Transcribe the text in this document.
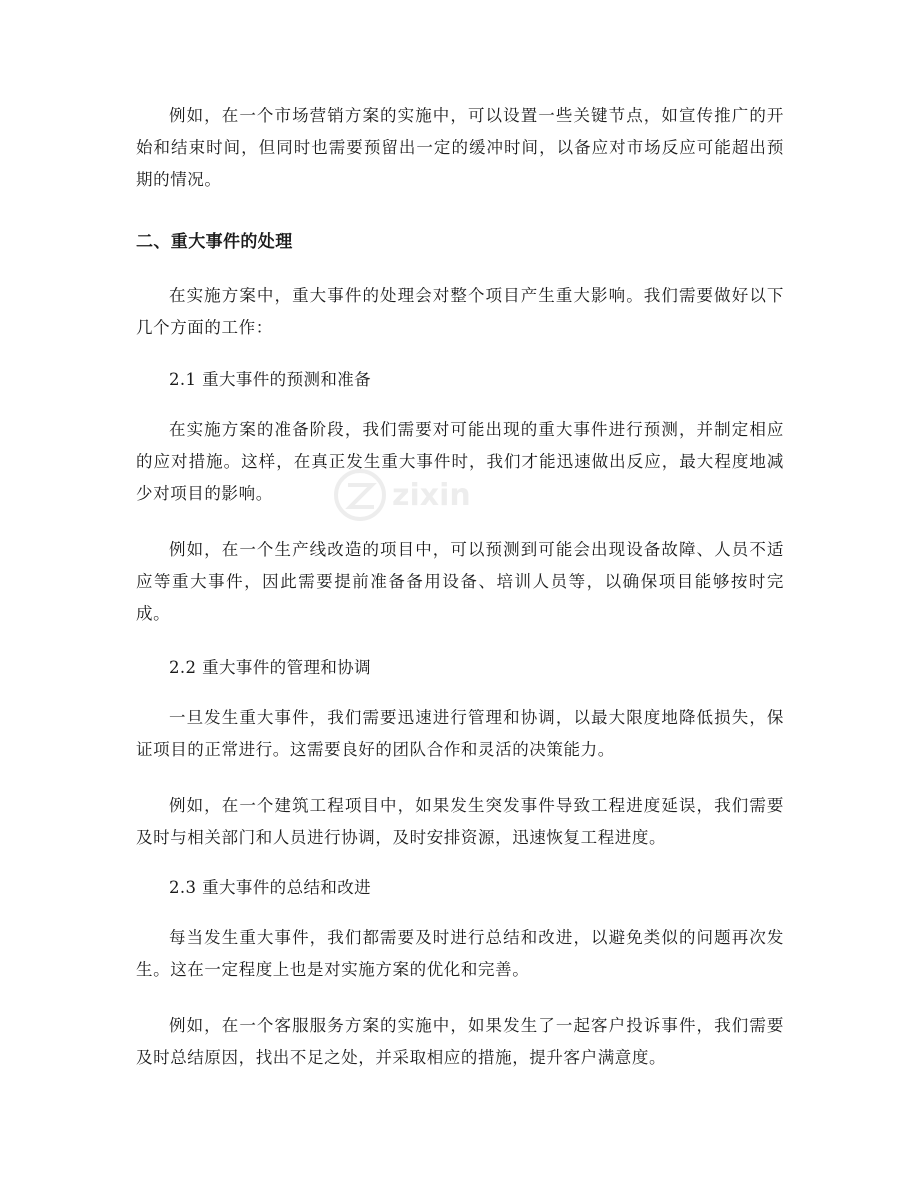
zixin

例如，在一个市场营销方案的实施中，可以设置一些关键节点，如宣传推广的开始和结束时间，但同时也需要预留出一定的缓冲时间，以备应对市场反应可能超出预期的情况。

二、重大事件的处理

在实施方案中，重大事件的处理会对整个项目产生重大影响。我们需要做好以下几个方面的工作：

2.1 重大事件的预测和准备

在实施方案的准备阶段，我们需要对可能出现的重大事件进行预测，并制定相应的应对措施。这样，在真正发生重大事件时，我们才能迅速做出反应，最大程度地减少对项目的影响。

例如，在一个生产线改造的项目中，可以预测到可能会出现设备故障、人员不适应等重大事件，因此需要提前准备备用设备、培训人员等，以确保项目能够按时完成。

2.2 重大事件的管理和协调

一旦发生重大事件，我们需要迅速进行管理和协调，以最大限度地降低损失，保证项目的正常进行。这需要良好的团队合作和灵活的决策能力。

例如，在一个建筑工程项目中，如果发生突发事件导致工程进度延误，我们需要及时与相关部门和人员进行协调，及时安排资源，迅速恢复工程进度。

2.3 重大事件的总结和改进

每当发生重大事件，我们都需要及时进行总结和改进，以避免类似的问题再次发生。这在一定程度上也是对实施方案的优化和完善。

例如，在一个客服服务方案的实施中，如果发生了一起客户投诉事件，我们需要及时总结原因，找出不足之处，并采取相应的措施，提升客户满意度。
